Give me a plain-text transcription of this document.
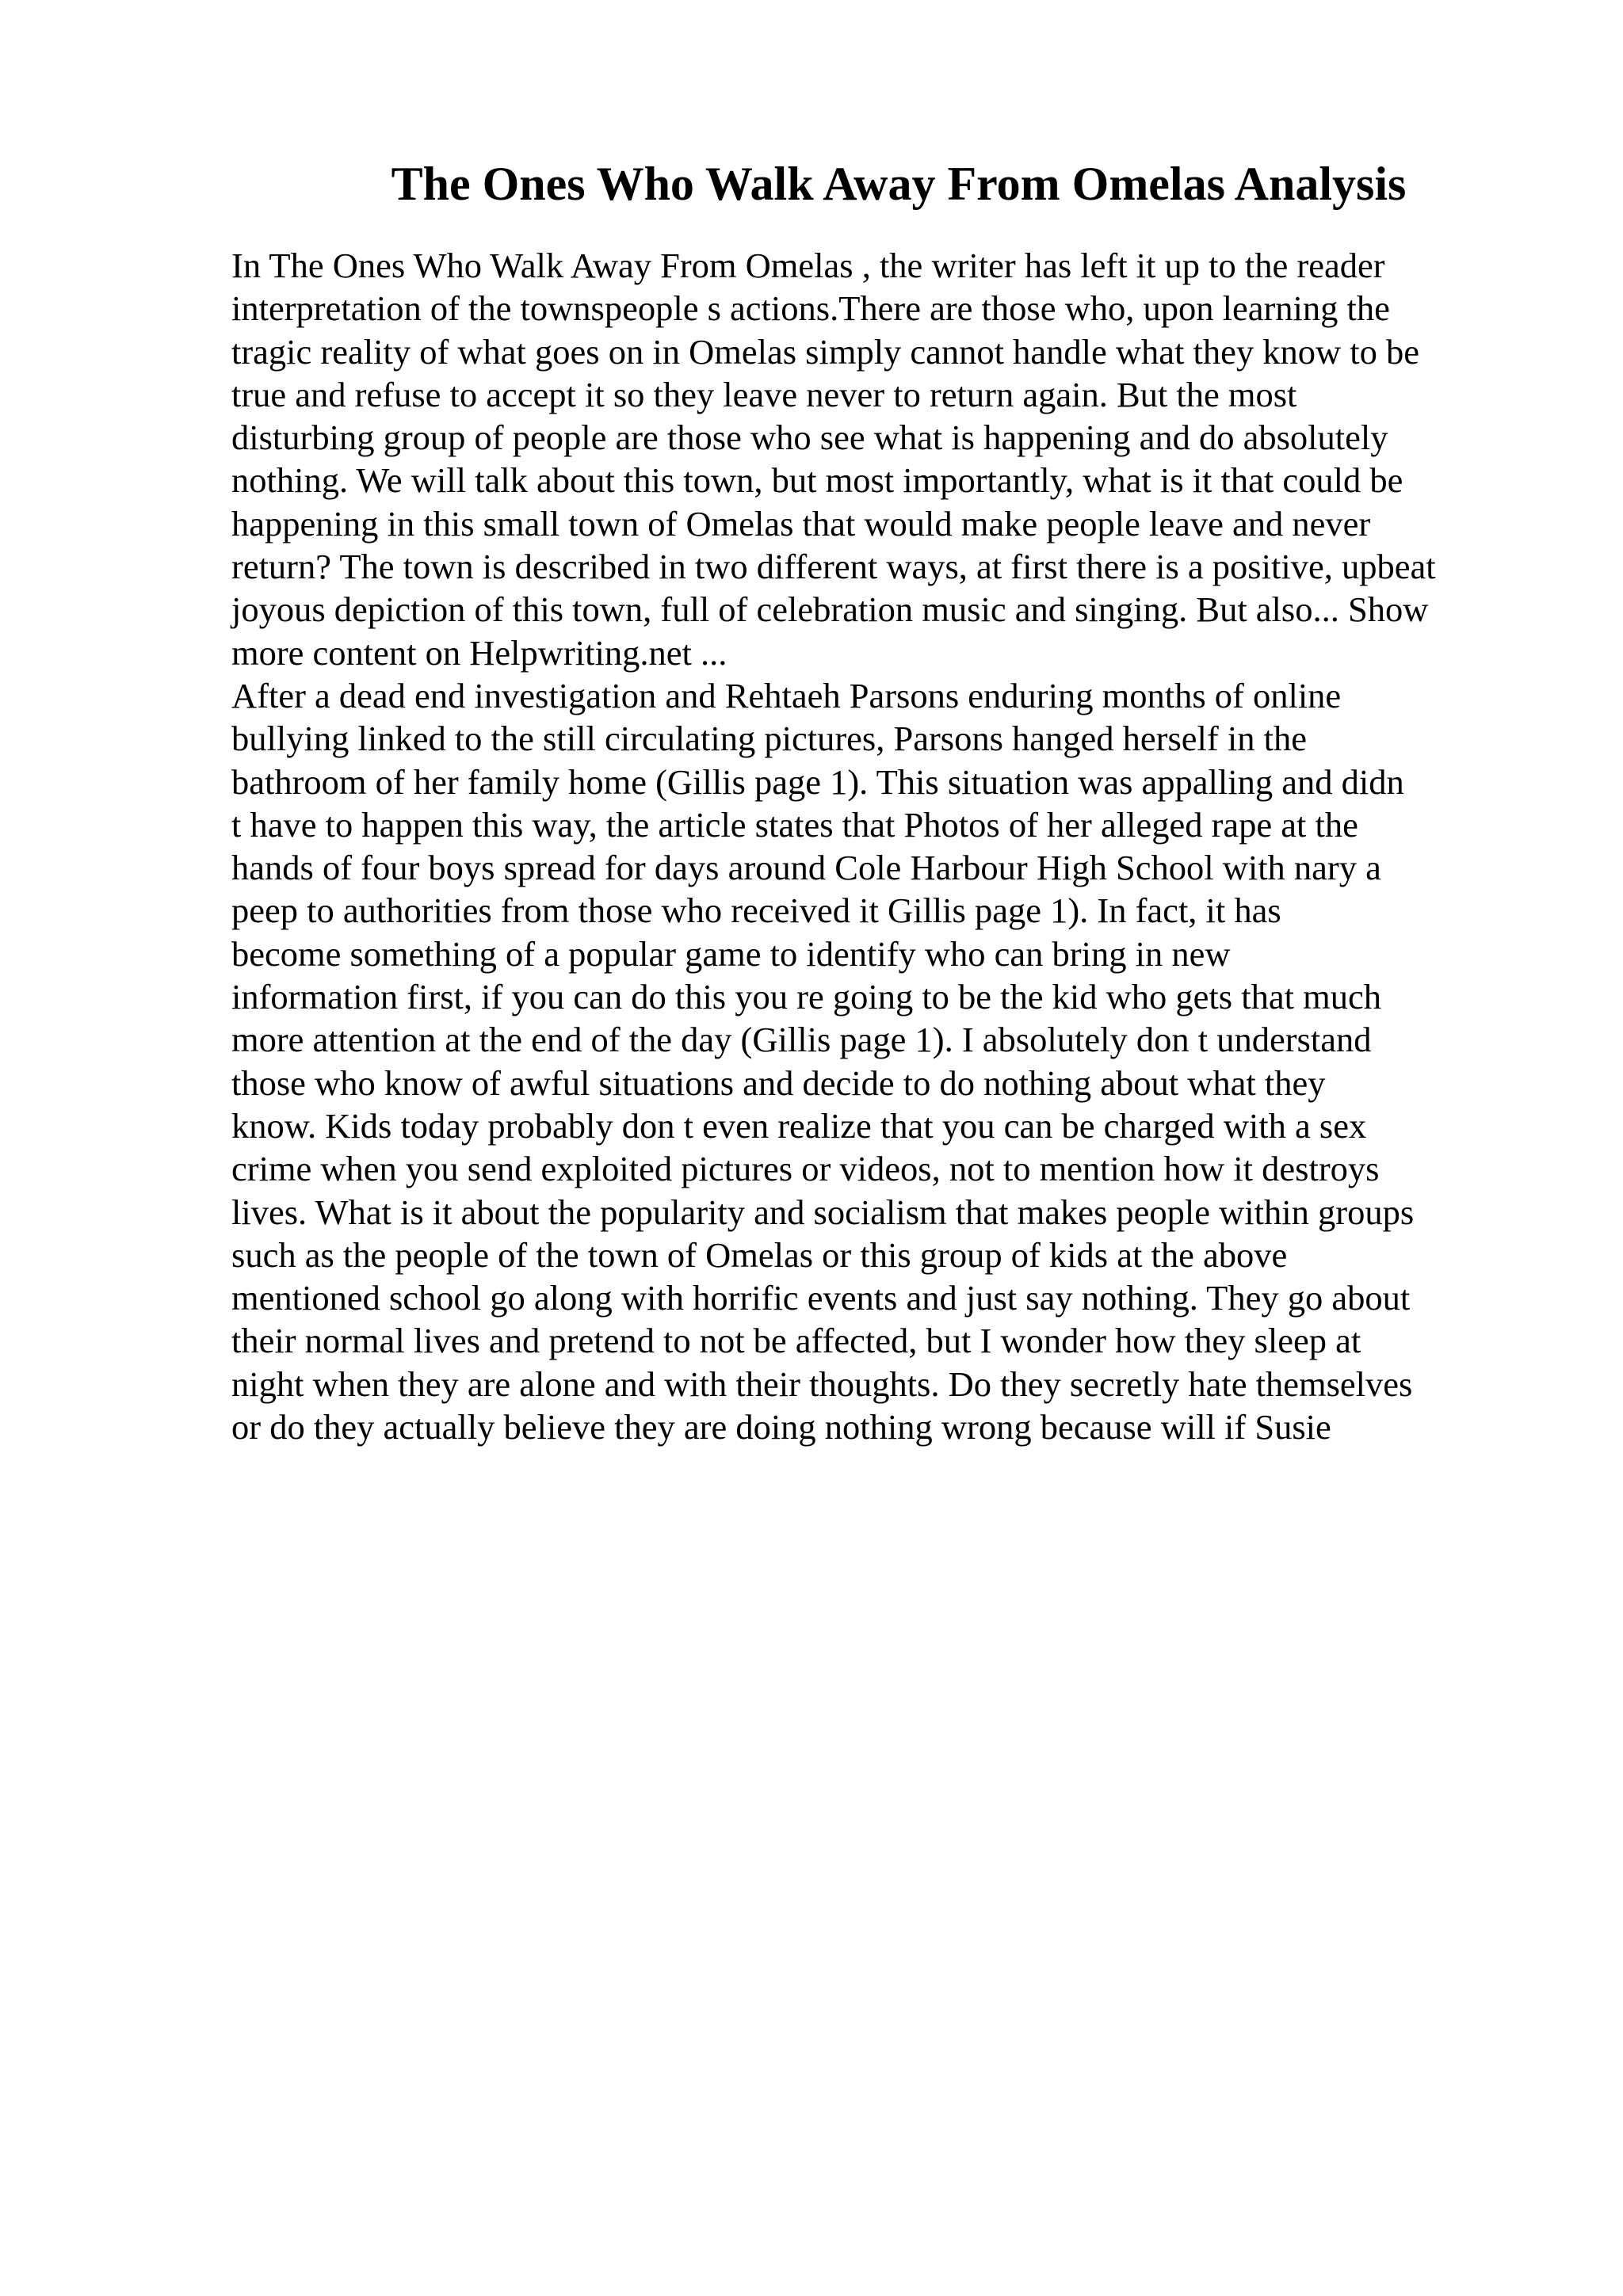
The Ones Who Walk Away From Omelas Analysis
In The Ones Who Walk Away From Omelas , the writer has left it up to the reader
interpretation of the townspeople s actions.There are those who, upon learning the
tragic reality of what goes on in Omelas simply cannot handle what they know to be
true and refuse to accept it so they leave never to return again. But the most
disturbing group of people are those who see what is happening and do absolutely
nothing. We will talk about this town, but most importantly, what is it that could be
happening in this small town of Omelas that would make people leave and never
return? The town is described in two different ways, at first there is a positive, upbeat
joyous depiction of this town, full of celebration music and singing. But also... Show
more content on Helpwriting.net ...
After a dead end investigation and Rehtaeh Parsons enduring months of online
bullying linked to the still circulating pictures, Parsons hanged herself in the
bathroom of her family home (Gillis page 1). This situation was appalling and didn
t have to happen this way, the article states that Photos of her alleged rape at the
hands of four boys spread for days around Cole Harbour High School with nary a
peep to authorities from those who received it Gillis page 1). In fact, it has
become something of a popular game to identify who can bring in new
information first, if you can do this you re going to be the kid who gets that much
more attention at the end of the day (Gillis page 1). I absolutely don t understand
those who know of awful situations and decide to do nothing about what they
know. Kids today probably don t even realize that you can be charged with a sex
crime when you send exploited pictures or videos, not to mention how it destroys
lives. What is it about the popularity and socialism that makes people within groups
such as the people of the town of Omelas or this group of kids at the above
mentioned school go along with horrific events and just say nothing. They go about
their normal lives and pretend to not be affected, but I wonder how they sleep at
night when they are alone and with their thoughts. Do they secretly hate themselves
or do they actually believe they are doing nothing wrong because will if Susie
